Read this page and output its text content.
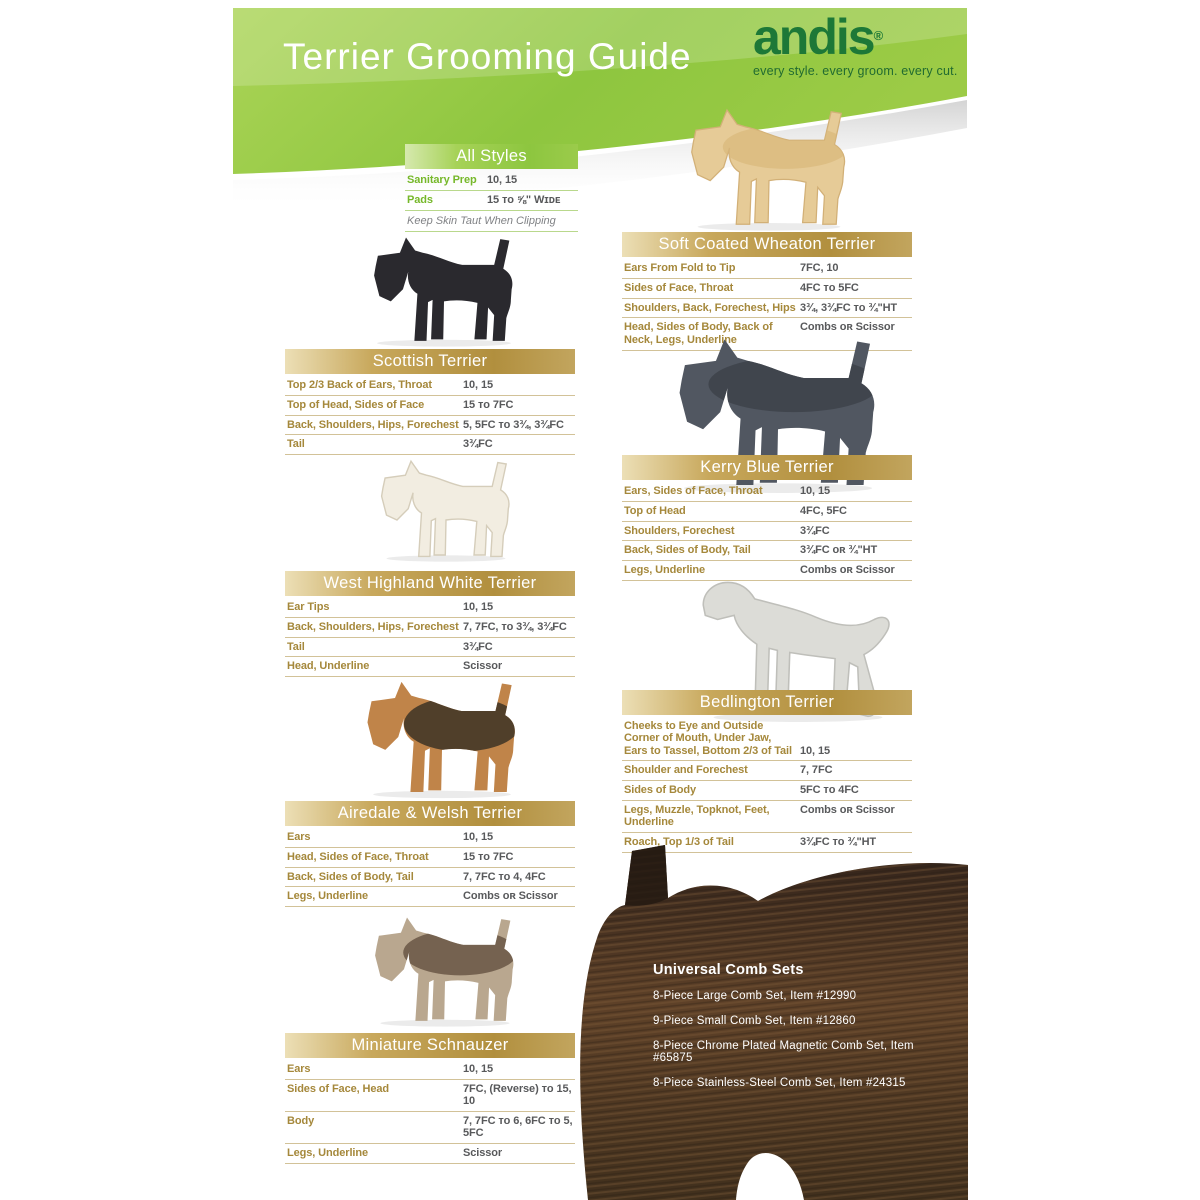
Terrier Grooming Guide andis®
every style. every groom. every cut.
All Styles
Sanitary Prep 10, 15
Pads	15 ᴛᴏ ⅝" Wɪᴅᴇ
Keep Skin Taut When Clipping
Scottish Terrier
Top 2/3 Back of Ears, Throat	10, 15
Top of Head, Sides of Face	15 ᴛᴏ 7FC
Back, Shoulders, Hips, Forechest 5, 5FC ᴛᴏ 3¾, 3¾FC
Tail	3¾FC
West Highland White Terrier
Ear Tips	10, 15
Back, Shoulders, Hips, Forechest 7, 7FC, ᴛᴏ 3¾, 3¾FC
Tail	3¾FC
Head, Underline	Scissor
Airedale & Welsh Terrier
Ears	10, 15
Head, Sides of Face, Throat	15 ᴛᴏ 7FC
Back, Sides of Body, Tail	7, 7FC ᴛᴏ 4, 4FC
Legs, Underline	Combs ᴏʀ Scissor
Miniature Schnauzer
Ears	10, 15
Sides of Face, Head	7FC, (Reverse) ᴛᴏ 15, 10
Body	7, 7FC ᴛᴏ 6, 6FC ᴛᴏ 5, 5FC
Legs, Underline	Scissor
Soft Coated Wheaton Terrier
Ears From Fold to Tip	7FC, 10
Sides of Face, Throat	4FC ᴛᴏ 5FC
Shoulders, Back, Forechest, Hips 3¾, 3¾FC ᴛᴏ ¾"HT
Head, Sides of Body, Back of Neck, Legs, Underline
Combs ᴏʀ Scissor
Kerry Blue Terrier
Ears, Sides of Face, Throat	10, 15
Top of Head	4FC, 5FC
Shoulders, Forechest	3¾FC
Back, Sides of Body, Tail	3¾FC ᴏʀ ¾"HT
Legs, Underline	Combs ᴏʀ Scissor
Bedlington Terrier
Cheeks to Eye and Outside Corner of Mouth, Under Jaw, Ears to Tassel, Bottom 2/3 of Tail 10, 15
Shoulder and Forechest	7, 7FC
Sides of Body	5FC ᴛᴏ 4FC
Legs, Muzzle, Topknot, Feet, Underline
Combs ᴏʀ Scissor
Roach, Top 1/3 of Tail	3¾FC ᴛᴏ ¾"HT
Universal Comb Sets
8-Piece Large Comb Set, Item #12990
9-Piece Small Comb Set, Item #12860
8-Piece Chrome Plated Magnetic Comb Set, Item #65875
8-Piece Stainless-Steel Comb Set, Item #24315
